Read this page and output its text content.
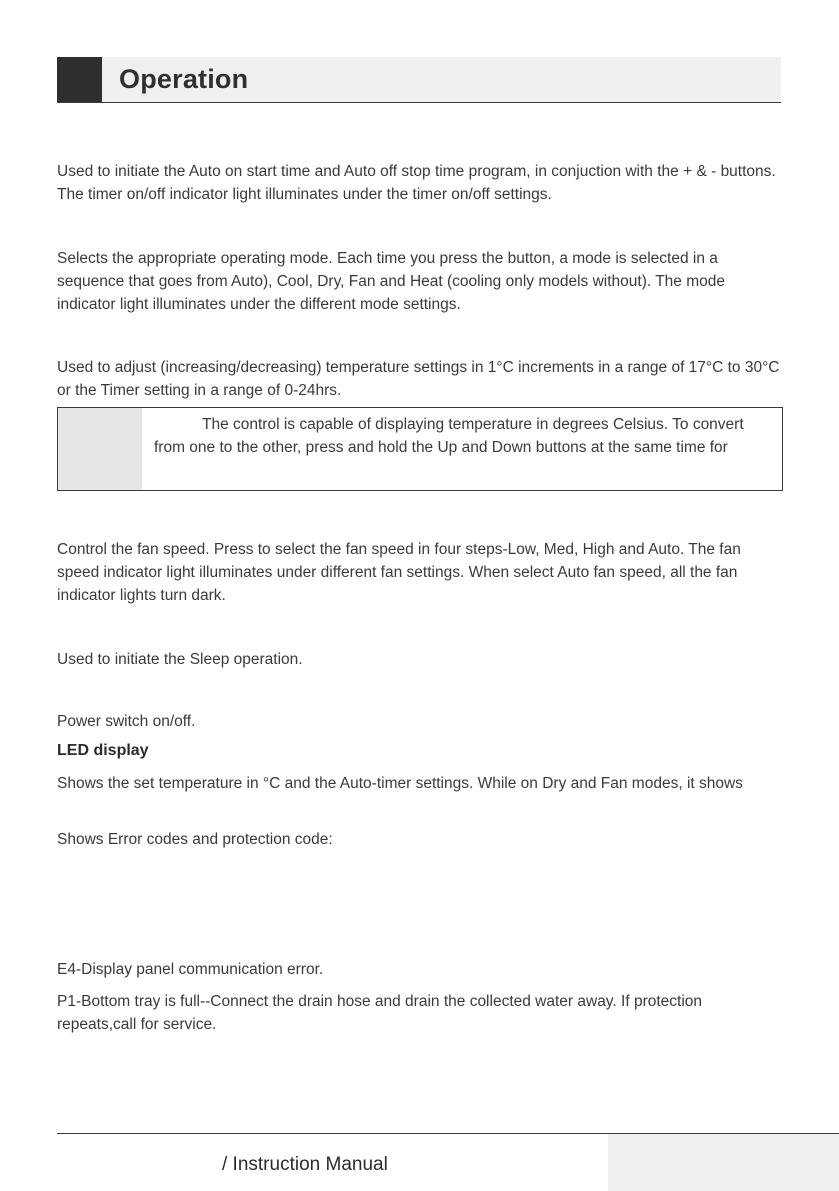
Operation
Used to initiate the Auto on start time and Auto off stop time program, in conjuction with the + & - buttons. The timer on/off indicator light illuminates under the timer on/off settings.
Selects the appropriate operating mode. Each time you press the button, a mode is selected in a sequence that goes from Auto), Cool, Dry, Fan and Heat (cooling only models without). The mode indicator light illuminates under the different mode settings.
Used to adjust (increasing/decreasing) temperature settings in 1°C increments in a range of 17°C to 30°C or the Timer setting in a range of 0-24hrs.
The control is capable of displaying temperature in degrees Celsius. To convert from one to the other, press and hold the Up and Down buttons at the same time for
Control the fan speed. Press to select the fan speed in four steps-Low, Med, High and Auto. The fan speed indicator light illuminates under different fan settings. When select Auto fan speed, all the fan indicator lights turn dark.
Used to initiate the Sleep operation.
Power switch on/off.
LED display
Shows the set temperature in °C and the Auto-timer settings. While on Dry and Fan modes, it shows
Shows Error codes and protection code:
E4-Display panel communication error.
P1-Bottom tray is full--Connect the drain hose and drain the collected water away. If protection repeats,call for service.
/ Instruction Manual
